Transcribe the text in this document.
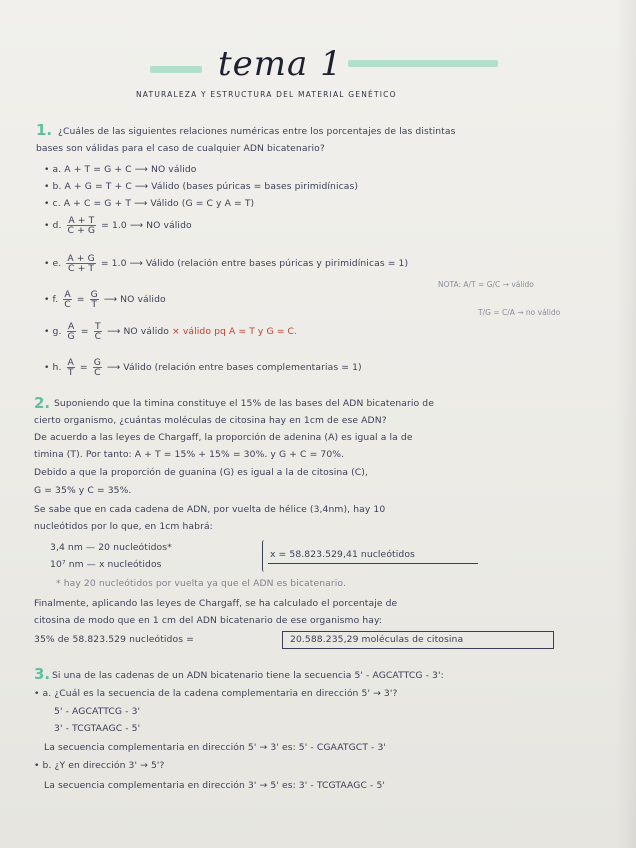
tema 1
NATURALEZA Y ESTRUCTURA DEL MATERIAL GENÉTICO
1. ¿Cuáles de las siguientes relaciones numéricas entre los porcentajes de las distintas
bases son válidas para el caso de cualquier ADN bicatenario?
• a. A + T = G + C ⟶ NO válido
• b. A + G = T + C ⟶ Válido (bases púricas = bases pirimidínicas)
• c. A + C = G + T ⟶ Válido (G = C y A = T)
• d. $\frac{A + T}{C + G} = 1.0$ ⟶ NO válido
• e. $\frac{A + G}{C + T} = 1.0$ ⟶ Válido (relación entre bases púricas y pirimidínicas = 1)
NOTA: A/T = G/C → válido
T/G = C/A → no válido
• f. $\frac{A}{C} = \frac{G}{T}$ ⟶ NO válido
• g. $\frac{A}{G} = \frac{T}{C}$ ⟶ NO válido × válido pq A = T y G = C.
• h. $\frac{A}{T} = \frac{G}{C}$ ⟶ Válido (relación entre bases complementarias = 1)
2. Suponiendo que la timina constituye el 15% de las bases del ADN bicatenario de
cierto organismo, ¿cuántas moléculas de citosina hay en 1cm de ese ADN?
De acuerdo a las leyes de Chargaff, la proporción de adenina (A) es igual a la de
timina (T). Por tanto: A + T = 15% + 15% = 30%. y G + C = 70%.
Debido a que la proporción de guanina (G) es igual a la de citosina (C),
G = 35% y C = 35%.
Se sabe que en cada cadena de ADN, por vuelta de hélice (3,4nm), hay 10
nucleótidos por lo que, en 1cm habrá:
3,4 nm — 20 nucleótidos*
10⁷ nm — x nucleótidos
x = 58.823.529,41 nucleótidos
* hay 20 nucleótidos por vuelta ya que el ADN es bicatenario.
Finalmente, aplicando las leyes de Chargaff, se ha calculado el porcentaje de
citosina de modo que en 1 cm del ADN bicatenario de ese organismo hay:
35% de 58.823.529 nucleótidos =	20.588.235,29 moléculas de citosina
3. Si una de las cadenas de un ADN bicatenario tiene la secuencia 5' - AGCATTCG - 3':
• a. ¿Cuál es la secuencia de la cadena complementaria en dirección 5' → 3'?
5' - AGCATTCG - 3'
3' - TCGTAAGC - 5'
La secuencia complementaria en dirección 5' → 3' es: 5' - CGAATGCT - 3'
• b. ¿Y en dirección 3' → 5'?
La secuencia complementaria en dirección 3' → 5' es: 3' - TCGTAAGC - 5'
